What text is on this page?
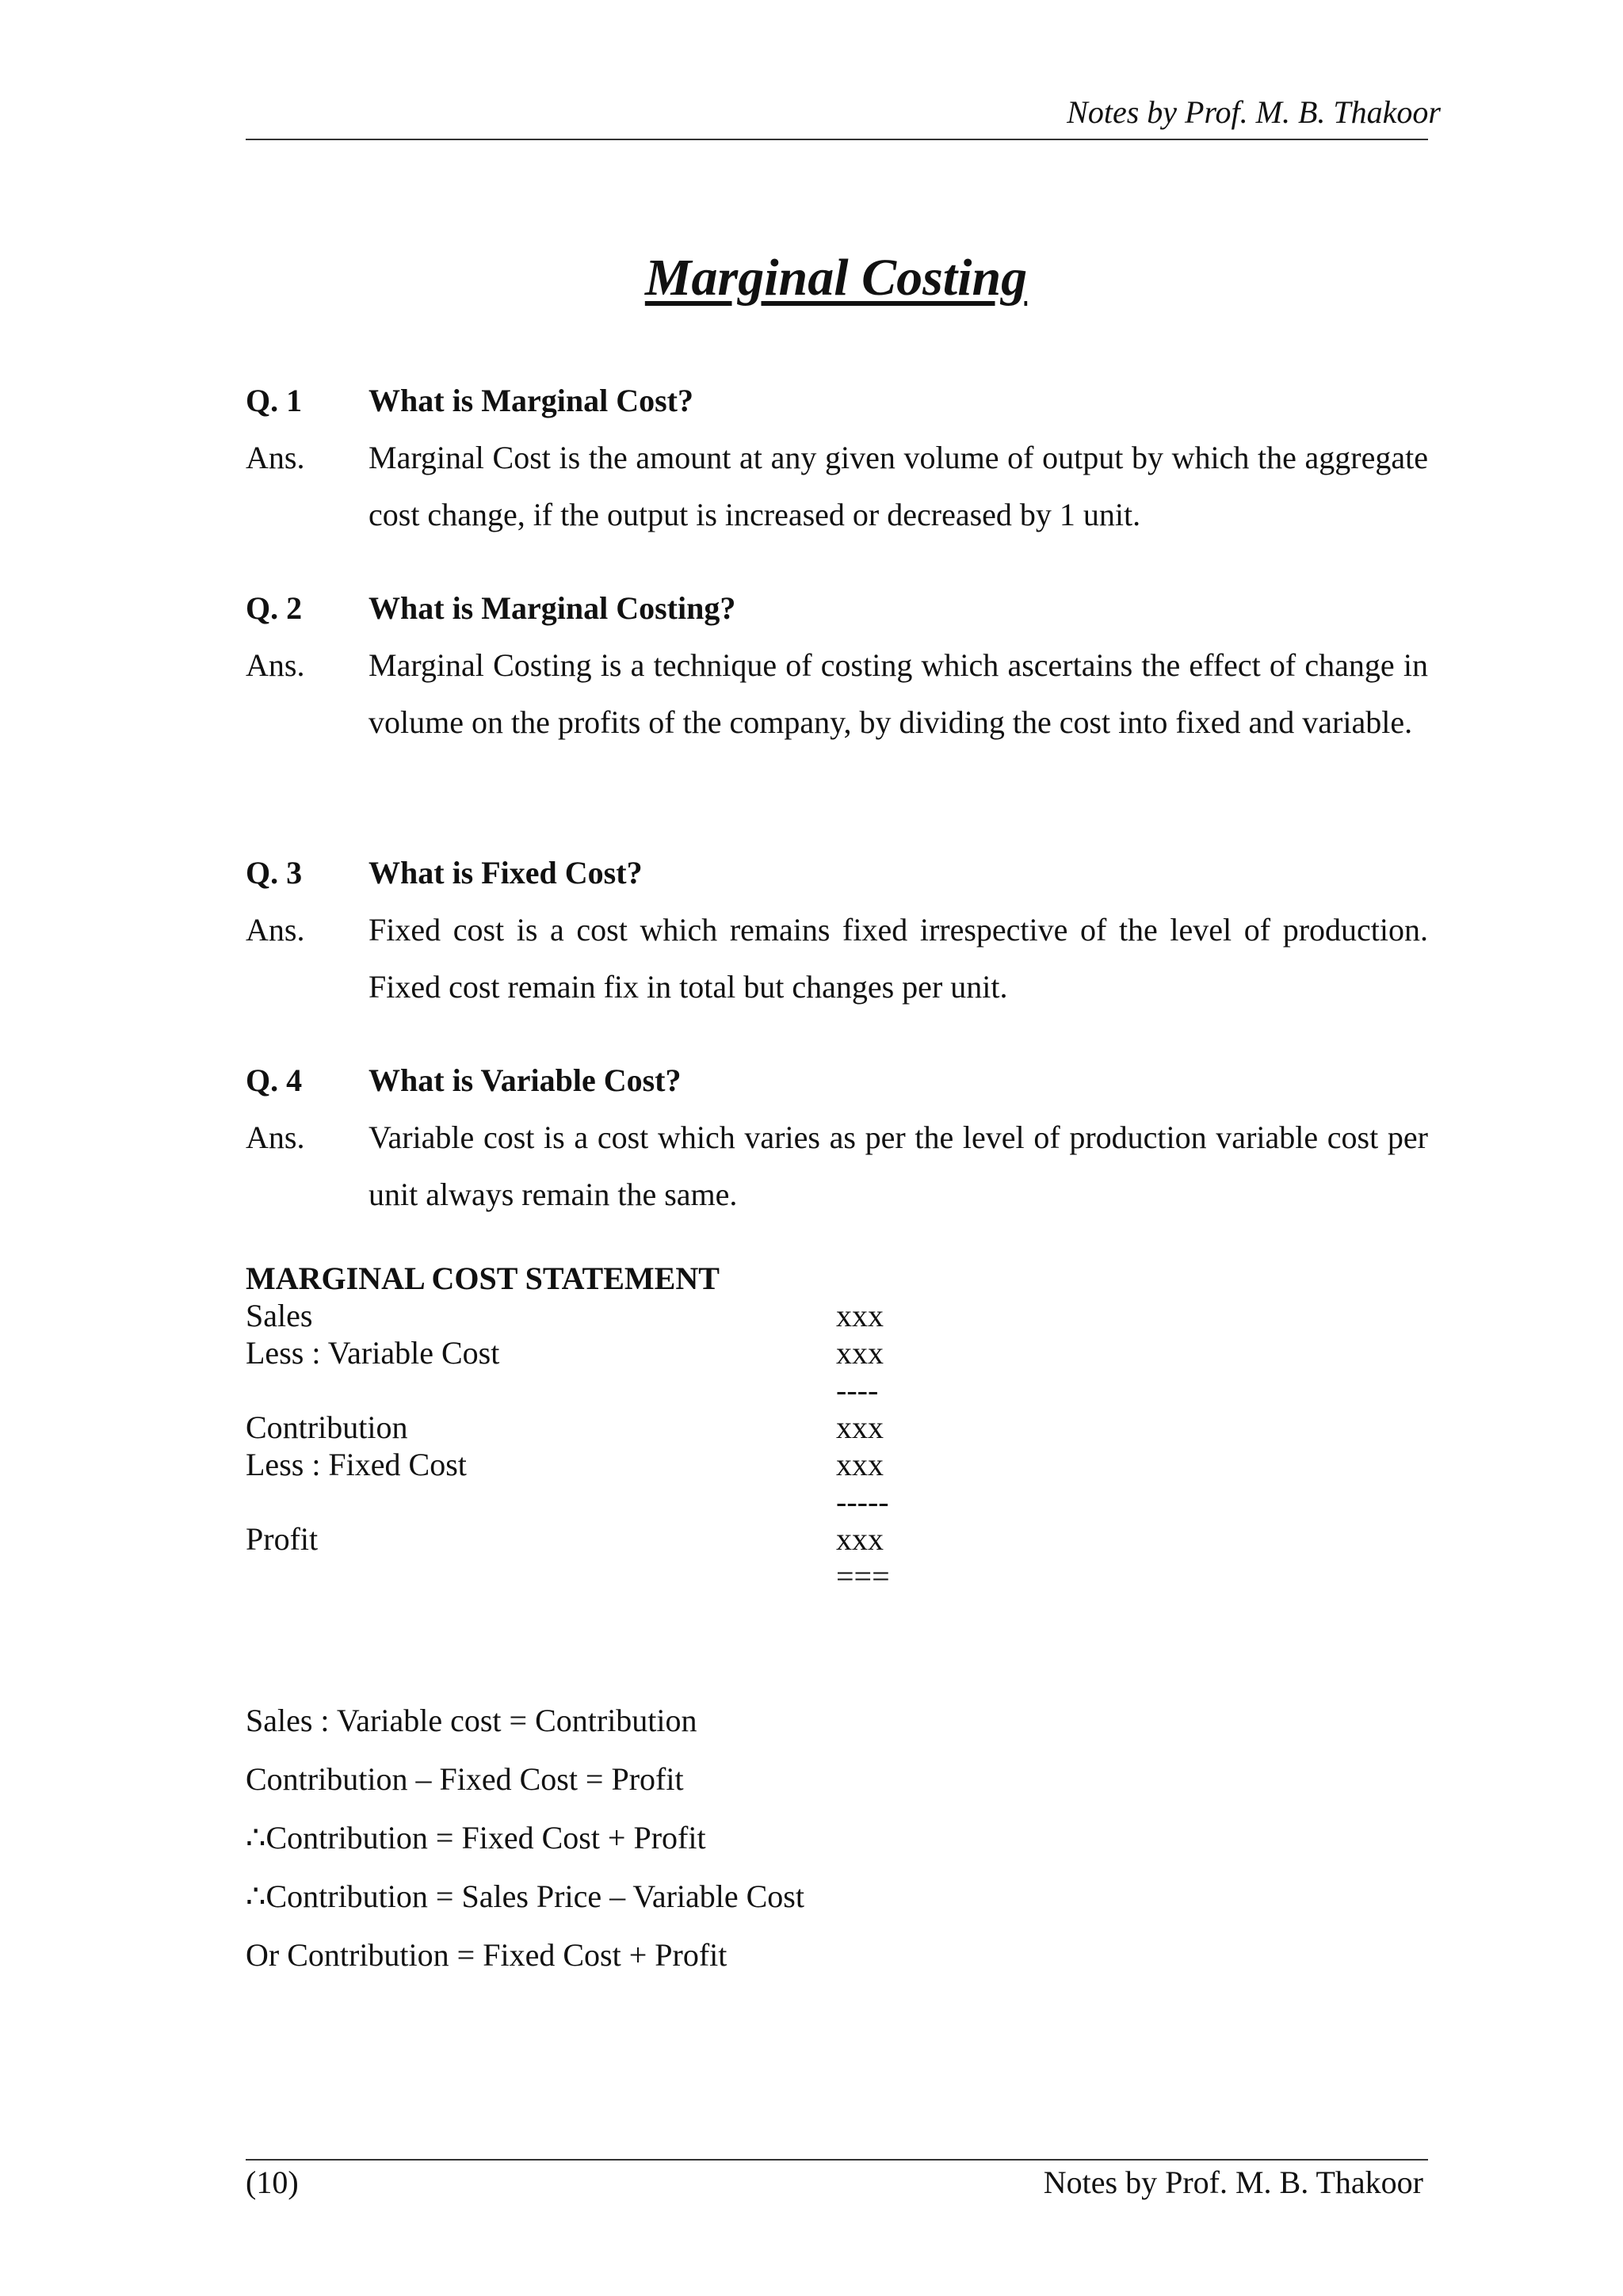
Notes by Prof. M. B. Thakoor
Marginal Costing
Q. 1	What is Marginal Cost?
Ans.	Marginal Cost is the amount at any given volume of output by which the aggregate cost change, if the output is increased or decreased by 1 unit.
Q. 2	What is Marginal Costing?
Ans.	Marginal Costing is a technique of costing which ascertains the effect of change in volume on the profits of the company, by dividing the cost into fixed and variable.
Q. 3	What is Fixed Cost?
Ans.	Fixed cost is a cost which remains fixed irrespective of the level of production. Fixed cost remain fix in total but changes per unit.
Q. 4	What is Variable Cost?
Ans.	Variable cost is a cost which varies as per the level of production variable cost per unit always remain the same.
MARGINAL COST STATEMENT
Sales	xxx
Less : Variable Cost	xxx
----
Contribution	xxx
Less : Fixed Cost	xxx
-----
Profit	xxx
===
Sales : Variable cost = Contribution
Contribution – Fixed Cost = Profit
∴Contribution = Fixed Cost + Profit
∴Contribution = Sales Price – Variable Cost
Or Contribution = Fixed Cost + Profit
(10)	Notes by Prof. M. B. Thakoor
